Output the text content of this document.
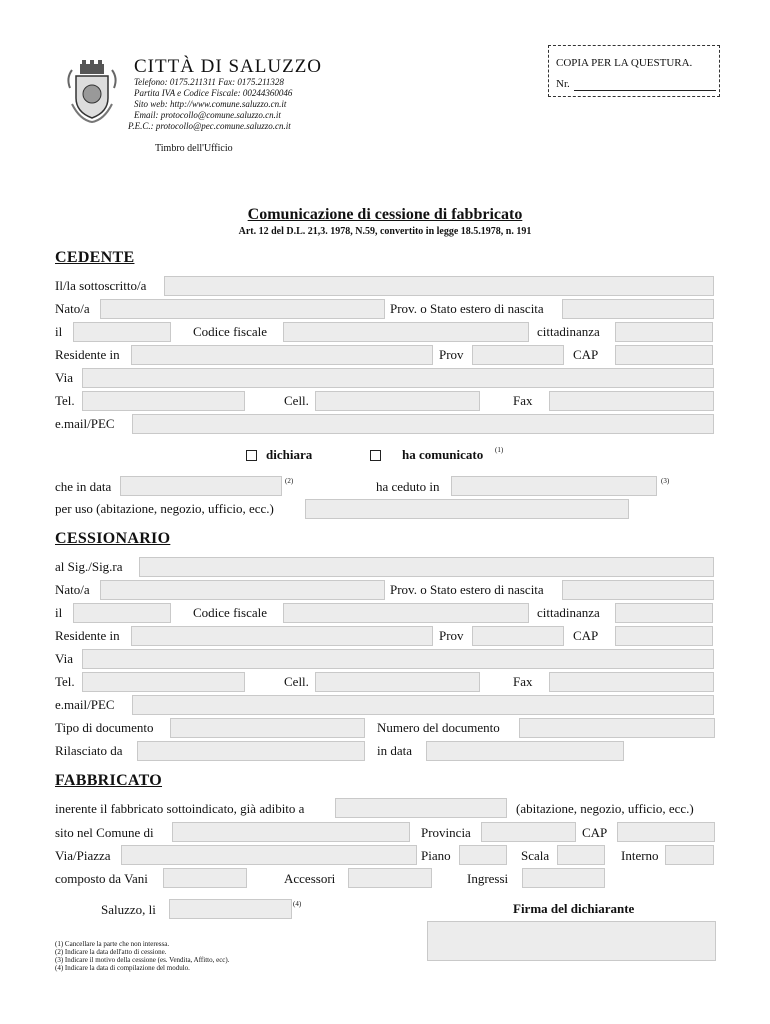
CITTÀ DI SALUZZO
Telefono: 0175.211311 Fax: 0175.211328
Partita IVA e Codice Fiscale: 00244360046
Sito web: http://www.comune.saluzzo.cn.it
Email: protocollo@comune.saluzzo.cn.it
P.E.C.: protocollo@pec.comune.saluzzo.cn.it
Timbro dell'Ufficio
COPIA PER LA QUESTURA.
Nr.
Comunicazione di cessione di fabbricato
Art. 12 del D.L. 21,3. 1978, N.59, convertito in legge 18.5.1978, n. 191
CEDENTE
Il/la sottoscritto/a
Nato/a	Prov. o Stato estero di nascita
il	Codice fiscale	cittadinanza
Residente in	Prov	CAP
Via
Tel.	Cell.	Fax
e.mail/PEC
dichiara	ha comunicato (1)
che in data	(2)	ha ceduto in	(3)
per uso (abitazione, negozio, ufficio, ecc.)
CESSIONARIO
al Sig./Sig.ra
Nato/a	Prov. o Stato estero di nascita
il	Codice fiscale	cittadinanza
Residente in	Prov	CAP
Via
Tel.	Cell.	Fax
e.mail/PEC
Tipo di documento	Numero del documento
Rilasciato da	in data
FABBRICATO
inerente il fabbricato sottoindicato, già adibito a	(abitazione, negozio, ufficio, ecc.)
sito nel Comune di	Provincia	CAP
Via/Piazza	Piano	Scala	Interno
composto da Vani	Accessori	Ingressi
Saluzzo, li	(4)	Firma del dichiarante
(1) Cancellare la parte che non interessa.
(2) Indicare la data dell'atto di cessione.
(3) Indicare il motivo della cessione (es. Vendita, Affitto, ecc).
(4) Indicare la data di compilazione del modulo.
